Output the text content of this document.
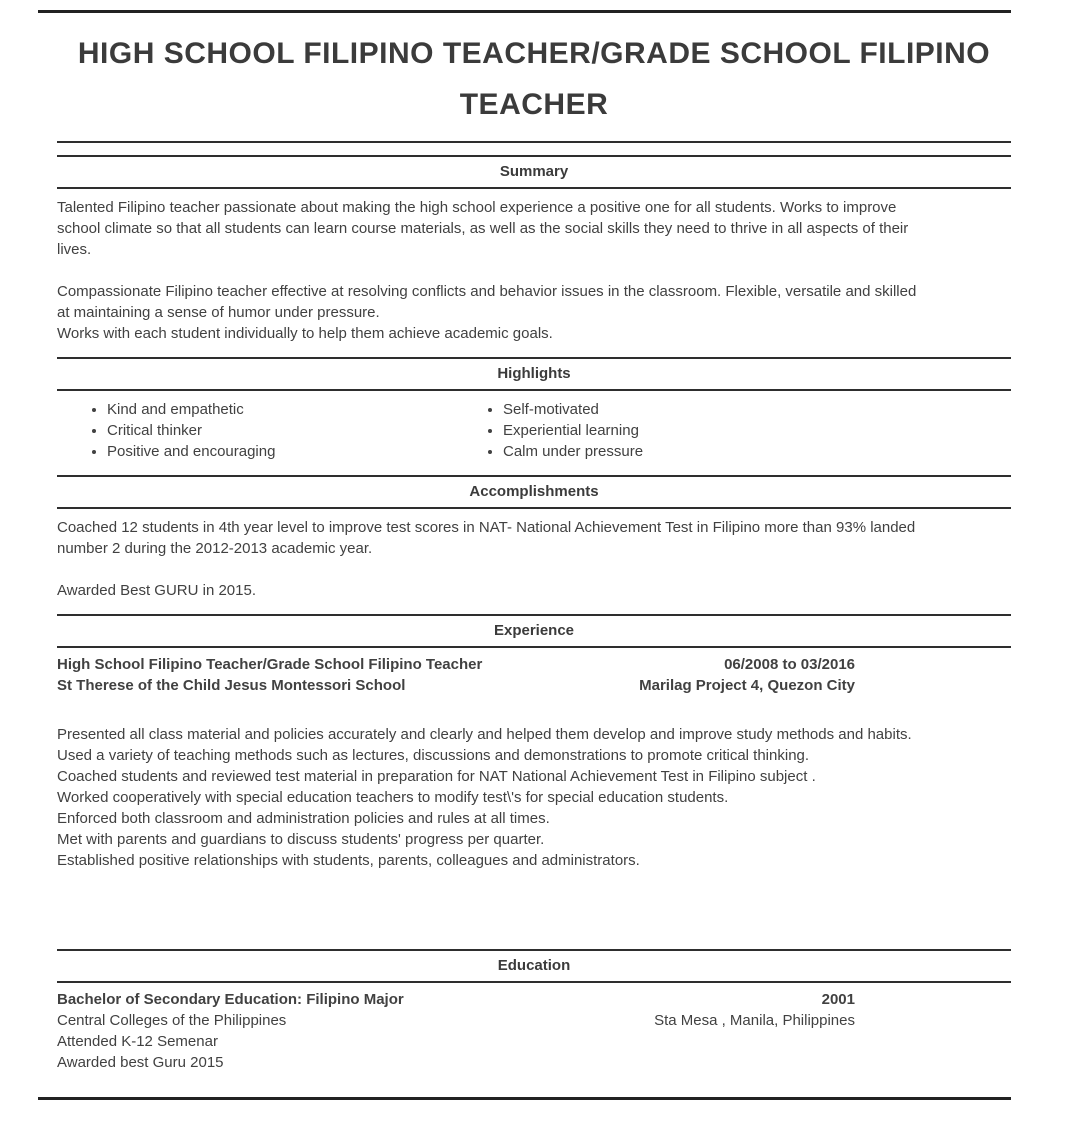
HIGH SCHOOL FILIPINO TEACHER/GRADE SCHOOL FILIPINO TEACHER
Summary

Talented Filipino teacher passionate about making the high school experience a positive one for all students. Works to improve school climate so that all students can learn course materials, as well as the social skills they need to thrive in all aspects of their lives.

Compassionate Filipino teacher effective at resolving conflicts and behavior issues in the classroom. Flexible, versatile and skilled at maintaining a sense of humor under pressure.

Works with each student individually to help them achieve academic goals.

Highlights
• Kind and empathetic
• Critical thinker
• Positive and encouraging
• Self-motivated
• Experiential learning
• Calm under pressure
Accomplishments

Coached 12 students in 4th year level to improve test scores in NAT- National Achievement Test in Filipino more than 93% landed number 2 during the 2012-2013 academic year.

Awarded Best GURU in 2015.

Experience
High School Filipino Teacher/Grade School Filipino Teacher	06/2008 to 03/2016
St Therese of the Child Jesus Montessori School	Marilag Project 4, Quezon City

Presented all class material and policies accurately and clearly and helped them develop and improve study methods and habits.

Used a variety of teaching methods such as lectures, discussions and demonstrations to promote critical thinking.

Coached students and reviewed test material in preparation for NAT National Achievement Test in Filipino subject .

Worked cooperatively with special education teachers to modify test\'s for special education students.

Enforced both classroom and administration policies and rules at all times.

Met with parents and guardians to discuss students' progress per quarter.

Established positive relationships with students, parents, colleagues and administrators.

Education
Bachelor of Secondary Education: Filipino Major	2001
Central Colleges of the Philippines	Sta Mesa , Manila, Philippines
Attended K-12 Semenar
Awarded best Guru 2015
